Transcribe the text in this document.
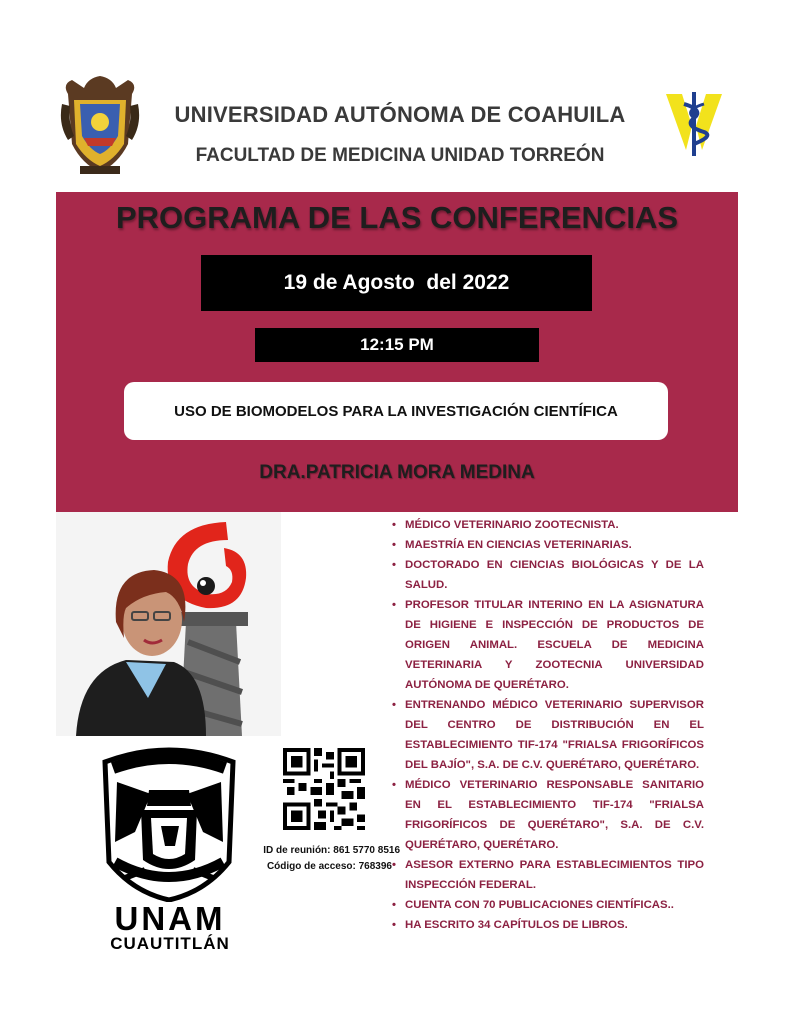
UNIVERSIDAD AUTÓNOMA DE COAHUILA
FACULTAD DE MEDICINA UNIDAD TORREÓN
PROGRAMA DE LAS CONFERENCIAS
19 de Agosto  del 2022
12:15 PM
USO DE BIOMODELOS PARA LA INVESTIGACIÓN CIENTÍFICA
DRA.PATRICIA MORA MEDINA
UNAM
CUAUTITLÁN
ID de reunión: 861 5770 8516
Código de acceso: 768396
• MÉDICO VETERINARIO ZOOTECNISTA.
• MAESTRÍA EN CIENCIAS VETERINARIAS.
• DOCTORADO EN CIENCIAS BIOLÓGICAS Y DE LA SALUD.
• PROFESOR TITULAR INTERINO EN LA ASIGNATURA DE HIGIENE E INSPECCIÓN DE PRODUCTOS DE ORIGEN ANIMAL. ESCUELA DE MEDICINA VETERINARIA Y ZOOTECNIA UNIVERSIDAD AUTÓNOMA DE QUERÉTARO.
• ENTRENANDO MÉDICO VETERINARIO SUPERVISOR DEL CENTRO DE DISTRIBUCIÓN EN EL ESTABLECIMIENTO TIF-174 "FRIALSA FRIGORÍFICOS DEL BAJÍO", S.A. DE C.V. QUERÉTARO, QUERÉTARO.
• MÉDICO VETERINARIO RESPONSABLE SANITARIO EN EL ESTABLECIMIENTO TIF-174 "FRIALSA FRIGORÍFICOS DE QUERÉTARO", S.A. DE C.V. QUERÉTARO, QUERÉTARO.
• ASESOR EXTERNO PARA ESTABLECIMIENTOS TIPO INSPECCIÓN FEDERAL.
• CUENTA CON 70 PUBLICACIONES CIENTÍFICAS..
• HA ESCRITO 34 CAPÍTULOS DE LIBROS.
